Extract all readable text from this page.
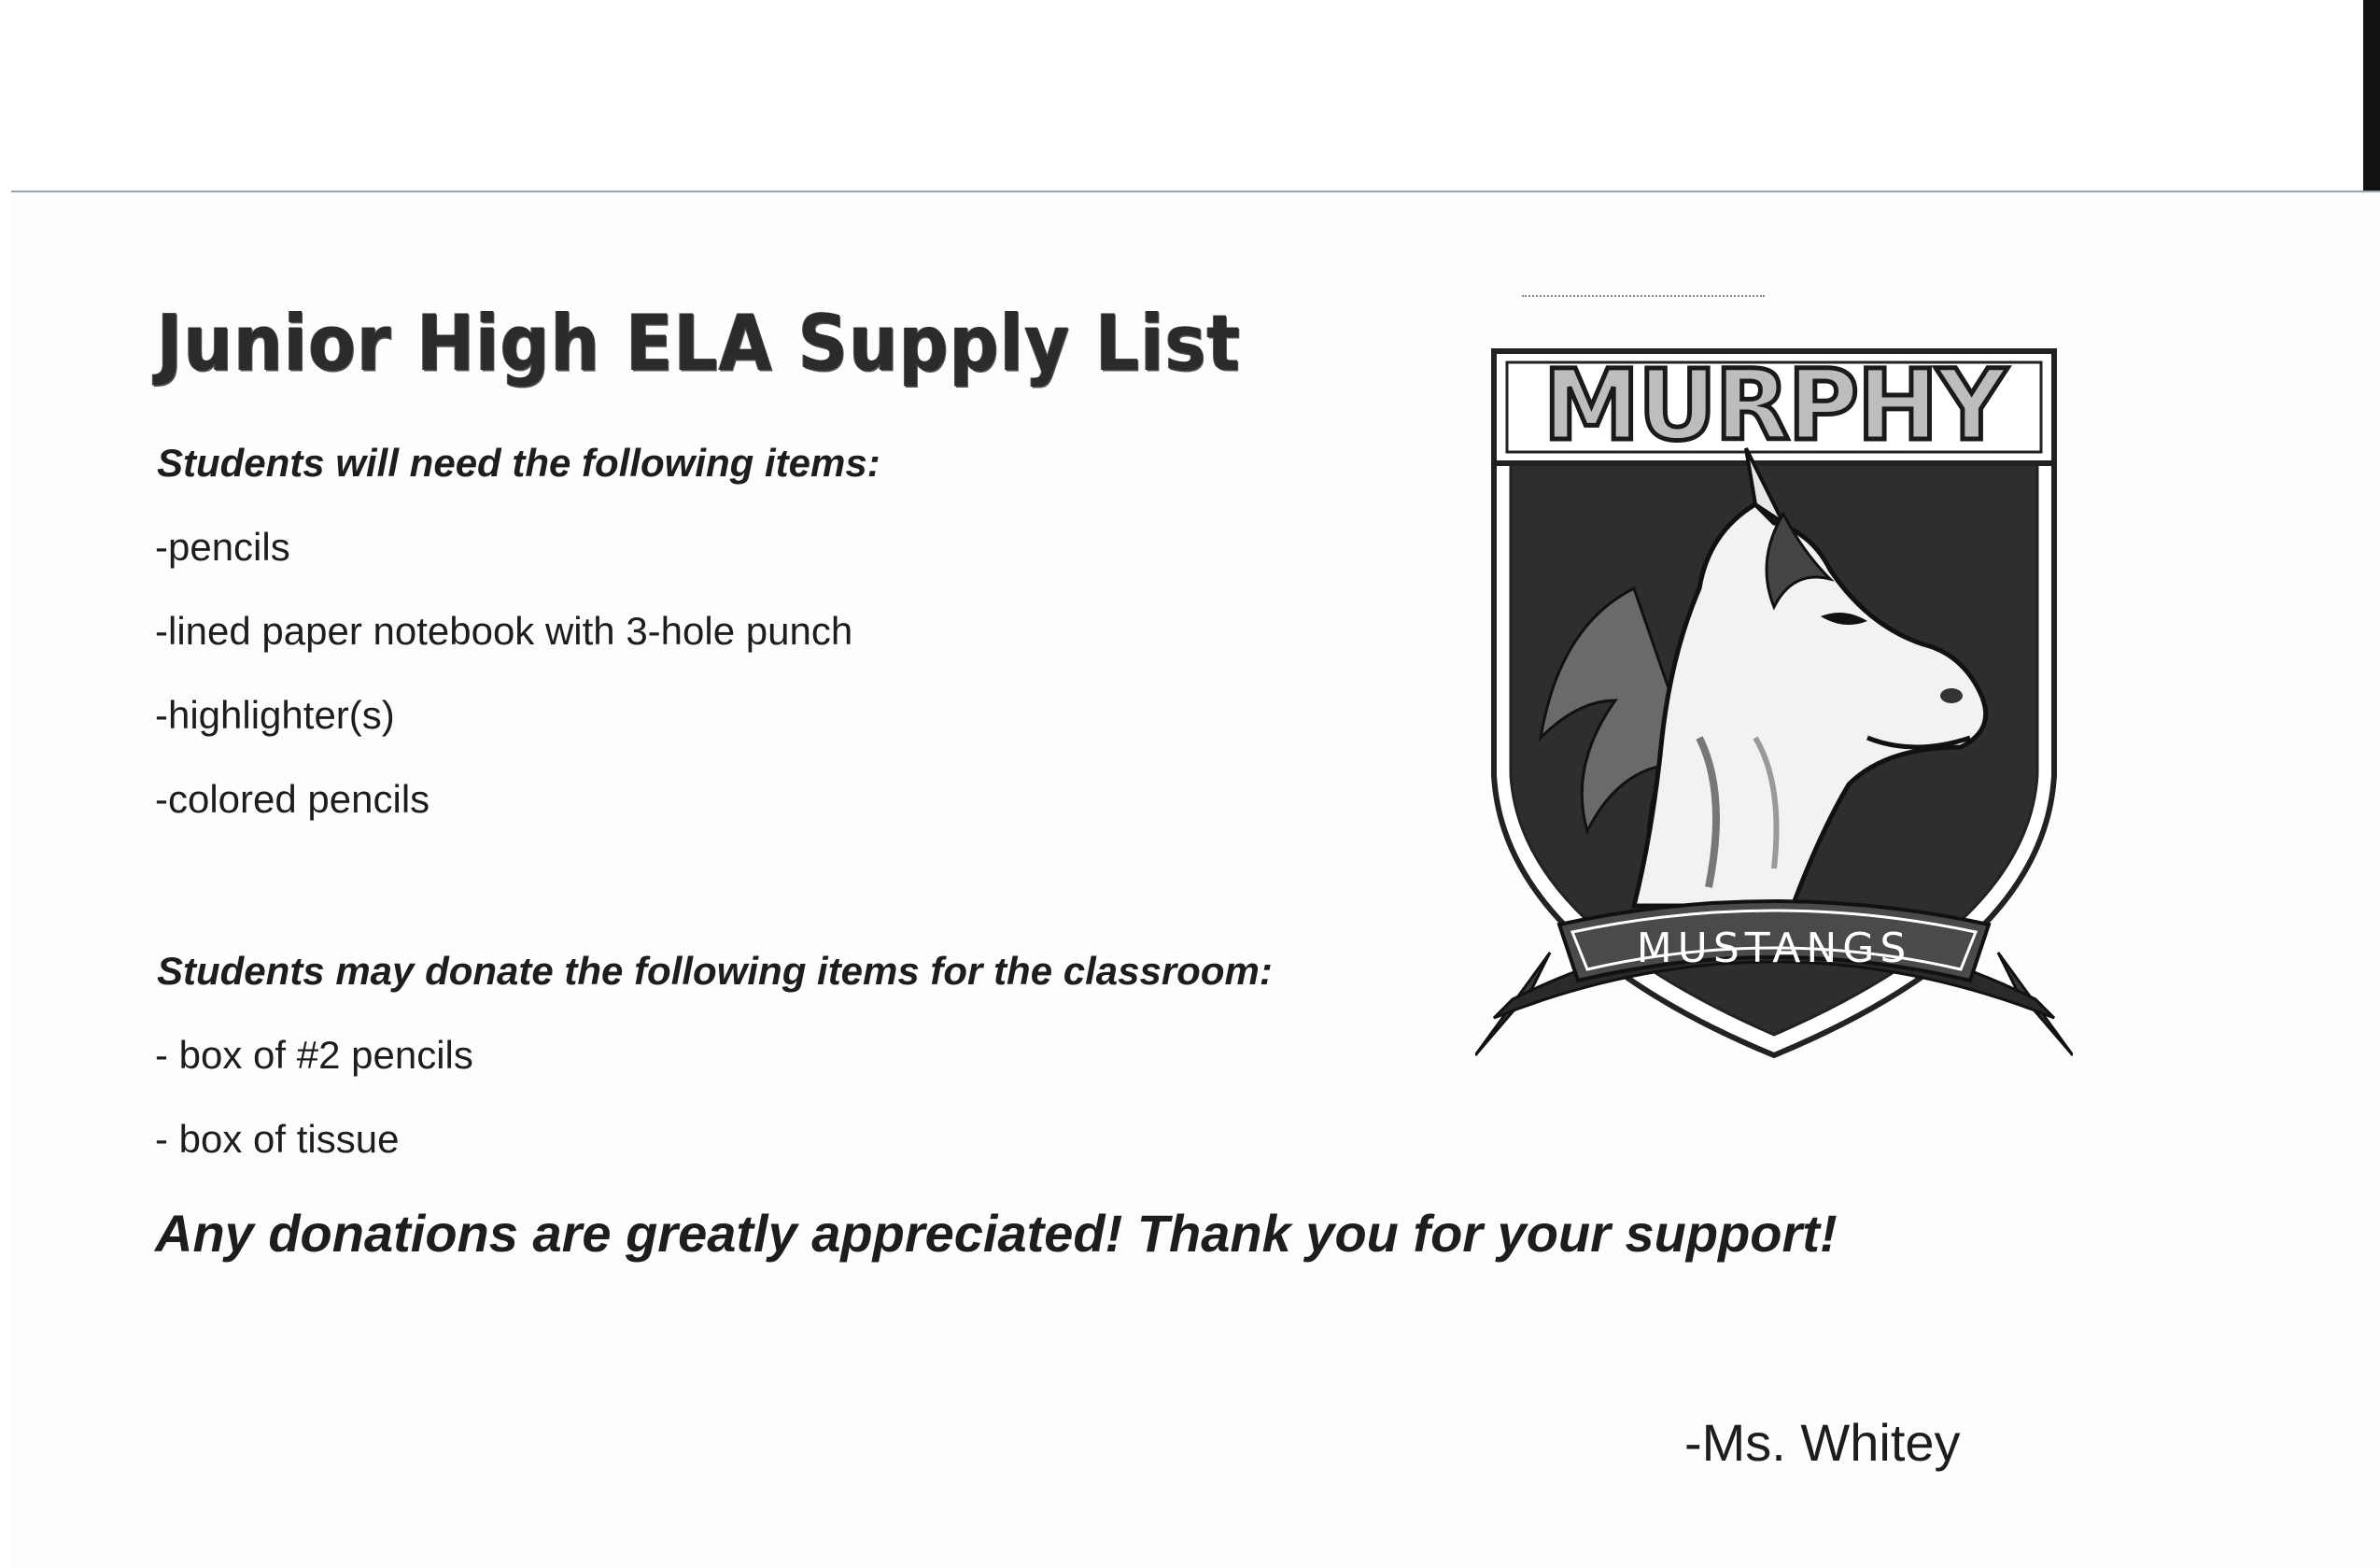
Junior High ELA Supply List

Students will need the following items:

-pencils

-lined paper notebook with 3-hole punch

-highlighter(s)

-colored pencils

Students may donate the following items for the classroom:

- box of #2 pencils

- box of tissue

Any donations are greatly appreciated! Thank you for your support!

-Ms. Whitey

MURPHY
MUSTANGS
